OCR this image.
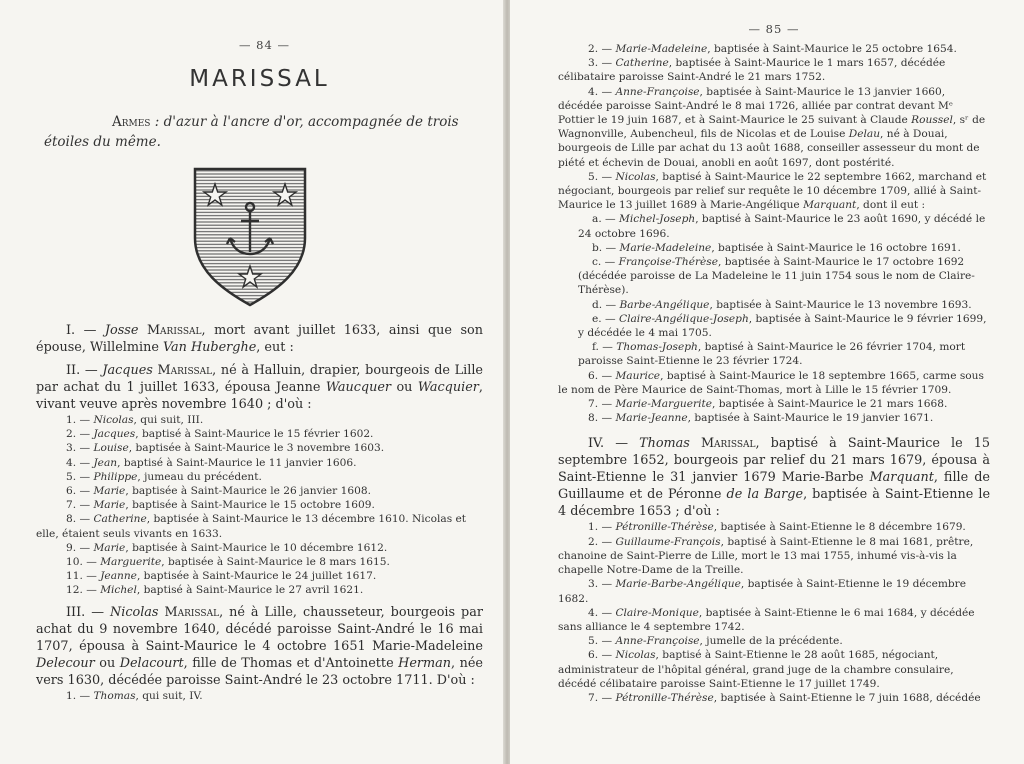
— 84 —
MARISSAL

Armes : d'azur à l'ancre d'or, accompagnée de trois étoiles du même.

I. — Josse Marissal, mort avant juillet 1633, ainsi que son épouse, Willelmine Van Huberghe, eut :

II. — Jacques Marissal, né à Halluin, drapier, bourgeois de Lille par achat du 1 juillet 1633, épousa Jeanne Waucquer ou Wacquier, vivant veuve après novembre 1640 ; d'où :

1. — Nicolas, qui suit, III.

2. — Jacques, baptisé à Saint-Maurice le 15 février 1602.

3. — Louise, baptisée à Saint-Maurice le 3 novembre 1603.

4. — Jean, baptisé à Saint-Maurice le 11 janvier 1606.

5. — Philippe, jumeau du précédent.

6. — Marie, baptisée à Saint-Maurice le 26 janvier 1608.

7. — Marie, baptisée à Saint-Maurice le 15 octobre 1609.

8. — Catherine, baptisée à Saint-Maurice le 13 décembre 1610. Nicolas et elle, étaient seuls vivants en 1633.

9. — Marie, baptisée à Saint-Maurice le 10 décembre 1612.

10. — Marguerite, baptisée à Saint-Maurice le 8 mars 1615.

11. — Jeanne, baptisée à Saint-Maurice le 24 juillet 1617.

12. — Michel, baptisé à Saint-Maurice le 27 avril 1621.

III. — Nicolas Marissal, né à Lille, chausseteur, bourgeois par achat du 9 novembre 1640, décédé paroisse Saint-André le 16 mai 1707, épousa à Saint-Maurice le 4 octobre 1651 Marie-Madeleine Delecour ou Delacourt, fille de Thomas et d'Antoinette Herman, née vers 1630, décédée paroisse Saint-André le 23 octobre 1711. D'où :

1. — Thomas, qui suit, IV.

— 85 —

2. — Marie-Madeleine, baptisée à Saint-Maurice le 25 octobre 1654.

3. — Catherine, baptisée à Saint-Maurice le 1 mars 1657, décédée célibataire paroisse Saint-André le 21 mars 1752.

4. — Anne-Françoise, baptisée à Saint-Maurice le 13 janvier 1660, décédée paroisse Saint-André le 8 mai 1726, alliée par contrat devant Mᵉ Pottier le 19 juin 1687, et à Saint-Maurice le 25 suivant à Claude Roussel, sʳ de Wagnonville, Aubencheul, fils de Nicolas et de Louise Delau, né à Douai, bourgeois de Lille par achat du 13 août 1688, conseiller assesseur du mont de piété et échevin de Douai, anobli en août 1697, dont postérité.

5. — Nicolas, baptisé à Saint-Maurice le 22 septembre 1662, marchand et négociant, bourgeois par relief sur requête le 10 décembre 1709, allié à Saint-Maurice le 13 juillet 1689 à Marie-Angélique Marquant, dont il eut :

a. — Michel-Joseph, baptisé à Saint-Maurice le 23 août 1690, y décédé le 24 octobre 1696.

b. — Marie-Madeleine, baptisée à Saint-Maurice le 16 octobre 1691.

c. — Françoise-Thérèse, baptisée à Saint-Maurice le 17 octobre 1692 (décédée paroisse de La Madeleine le 11 juin 1754 sous le nom de Claire-Thérèse).

d. — Barbe-Angélique, baptisée à Saint-Maurice le 13 novembre 1693.

e. — Claire-Angélique-Joseph, baptisée à Saint-Maurice le 9 février 1699, y décédée le 4 mai 1705.

f. — Thomas-Joseph, baptisé à Saint-Maurice le 26 février 1704, mort paroisse Saint-Etienne le 23 février 1724.

6. — Maurice, baptisé à Saint-Maurice le 18 septembre 1665, carme sous le nom de Père Maurice de Saint-Thomas, mort à Lille le 15 février 1709.

7. — Marie-Marguerite, baptisée à Saint-Maurice le 21 mars 1668.

8. — Marie-Jeanne, baptisée à Saint-Maurice le 19 janvier 1671.

IV. — Thomas Marissal, baptisé à Saint-Maurice le 15 septembre 1652, bourgeois par relief du 21 mars 1679, épousa à Saint-Etienne le 31 janvier 1679 Marie-Barbe Marquant, fille de Guillaume et de Péronne de la Barge, baptisée à Saint-Etienne le 4 décembre 1653 ; d'où :

1. — Pétronille-Thérèse, baptisée à Saint-Etienne le 8 décembre 1679.

2. — Guillaume-François, baptisé à Saint-Etienne le 8 mai 1681, prêtre, chanoine de Saint-Pierre de Lille, mort le 13 mai 1755, inhumé vis-à-vis la chapelle Notre-Dame de la Treille.

3. — Marie-Barbe-Angélique, baptisée à Saint-Etienne le 19 décembre 1682.

4. — Claire-Monique, baptisée à Saint-Etienne le 6 mai 1684, y décédée sans alliance le 4 septembre 1742.

5. — Anne-Françoise, jumelle de la précédente.

6. — Nicolas, baptisé à Saint-Etienne le 28 août 1685, négociant, administrateur de l'hôpital général, grand juge de la chambre consulaire, décédé célibataire paroisse Saint-Etienne le 17 juillet 1749.

7. — Pétronille-Thérèse, baptisée à Saint-Etienne le 7 juin 1688, décédée
